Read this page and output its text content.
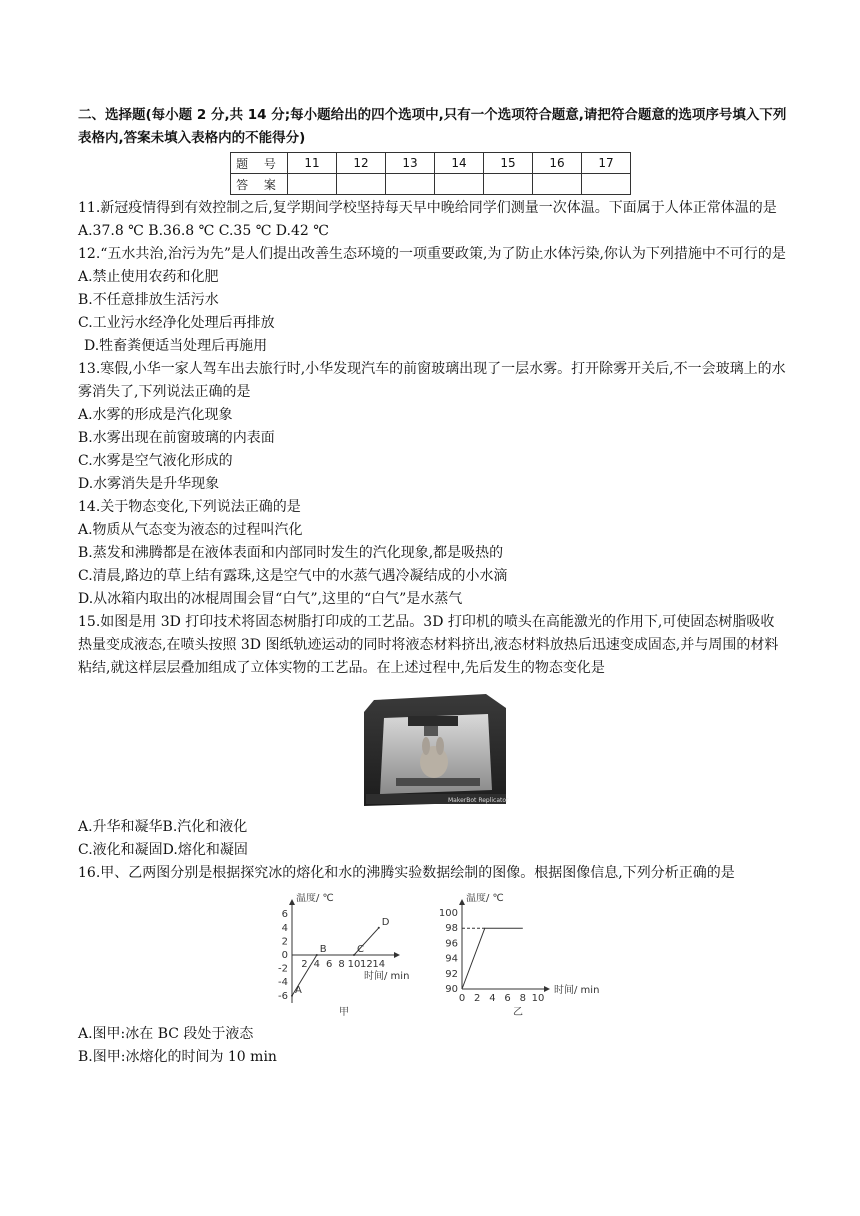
二、选择题(每小题 2 分,共 14 分;每小题给出的四个选项中,只有一个选项符合题意,请把符合题意的选项序号填入下列表格内,答案未填入表格内的不能得分)
题 号	11	12	13	14	15	16	17
答 案							
11.新冠疫情得到有效控制之后,复学期间学校坚持每天早中晚给同学们测量一次体温。下面属于人体正常体温的是
A.37.8 ℃ B.36.8 ℃ C.35 ℃ D.42 ℃
12.“五水共治,治污为先”是人们提出改善生态环境的一项重要政策,为了防止水体污染,你认为下列措施中不可行的是
A.禁止使用农药和化肥
B.不任意排放生活污水
C.工业污水经净化处理后再排放
D.牲畜粪便适当处理后再施用
13.寒假,小华一家人驾车出去旅行时,小华发现汽车的前窗玻璃出现了一层水雾。打开除雾开关后,不一会玻璃上的水雾消失了,下列说法正确的是
A.水雾的形成是汽化现象
B.水雾出现在前窗玻璃的内表面
C.水雾是空气液化形成的
D.水雾消失是升华现象
14.关于物态变化,下列说法正确的是
A.物质从气态变为液态的过程叫汽化
B.蒸发和沸腾都是在液体表面和内部同时发生的汽化现象,都是吸热的
C.清晨,路边的草上结有露珠,这是空气中的水蒸气遇冷凝结成的小水滴
D.从冰箱内取出的冰棍周围会冒“白气”,这里的“白气”是水蒸气
15.如图是用 3D 打印技术将固态树脂打印成的工艺品。3D 打印机的喷头在高能激光的作用下,可使固态树脂吸收热量变成液态,在喷头按照 3D 图纸轨迹运动的同时将液态材料挤出,液态材料放热后迅速变成固态,并与周围的材料粘结,就这样层层叠加组成了立体实物的工艺品。在上述过程中,先后发生的物态变化是
MakerBot Replicator
A.升华和凝华B.汽化和液化
C.液化和凝固D.熔化和凝固
16.甲、乙两图分别是根据探究冰的熔化和水的沸腾实验数据绘制的图像。根据图像信息,下列分析正确的是
温度/ ℃
时间/ min
-6
-4
-2
0
2
4
6
2 4 6 8 10 12 14
A
B	C
D
甲
温度/ ℃
时间/ min
90
92
94
96
98
100
0 2 4 6 8 10
乙
A.图甲:冰在 BC 段处于液态
B.图甲:冰熔化的时间为 10 min
